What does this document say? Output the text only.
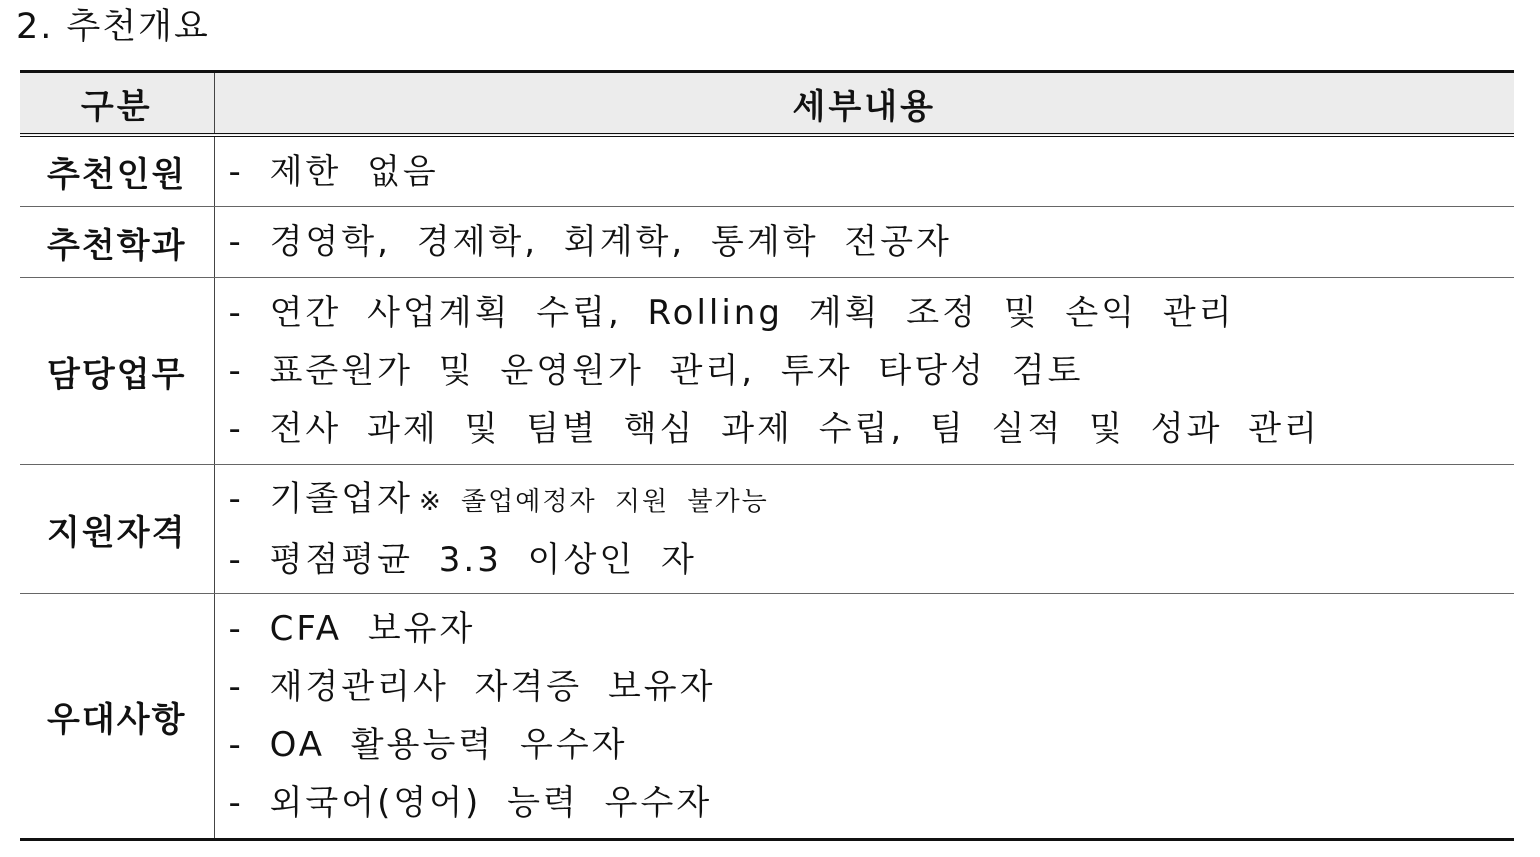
2. 추천개요
구분	세부내용
추천인원	- 제한 없음

추천학과	- 경영학, 경제학, 회계학, 통계학 전공자

담당업무	- 연간 사업계획 수립, Rolling 계획 조정 및 손익 관리
- 표준원가 및 운영원가 관리, 투자 타당성 검토
- 전사 과제 및 팀별 핵심 과제 수립, 팀 실적 및 성과 관리

지원자격	- 기졸업자 ※ 졸업예정자 지원 불가능
- 평점평균 3.3 이상인 자

우대사항	- CFA 보유자
- 재경관리사 자격증 보유자
- OA 활용능력 우수자
- 외국어(영어) 능력 우수자
